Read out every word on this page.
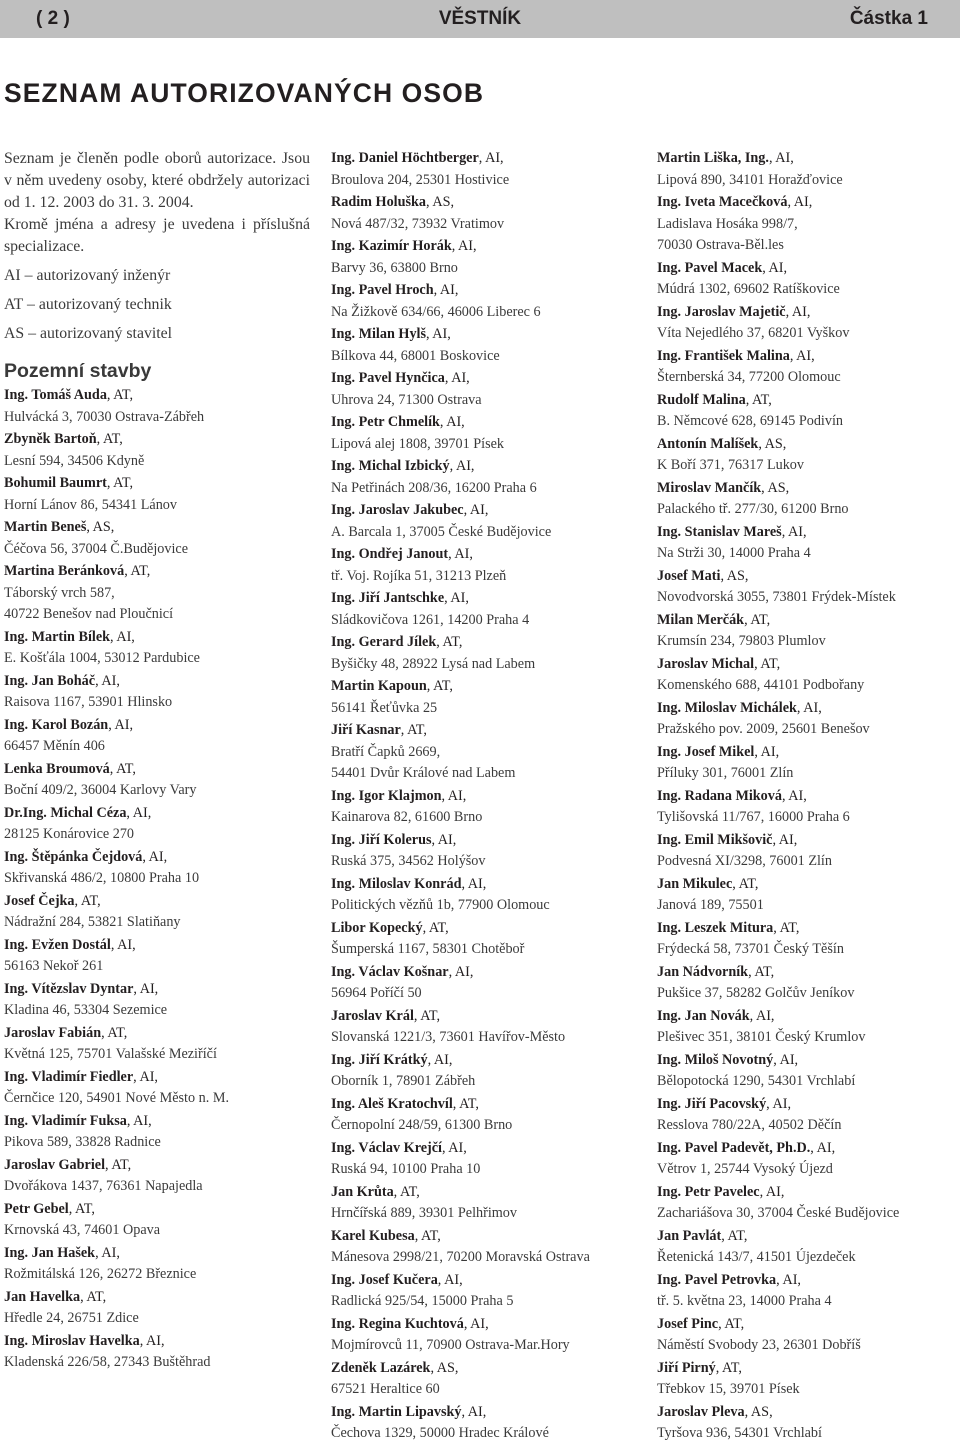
( 2 )	VĚSTNÍK	Částka 1
SEZNAM AUTORIZOVANÝCH OSOB
Seznam je členěn podle oborů autorizace. Jsou v něm uvedeny osoby, které obdržely autorizaci od 1. 12. 2003 do 31. 3. 2004.
Kromě jména a adresy je uvedena i příslušná specializace.
AI – autorizovaný inženýr
AT – autorizovaný technik
AS – autorizovaný stavitel
Pozemní stavby
Ing. Tomáš Auda, AT,
Hulvácká 3, 70030 Ostrava-Zábřeh
Zbyněk Bartoň, AT,
Lesní 594, 34506 Kdyně
Bohumil Baumrt, AT,
Horní Lánov 86, 54341 Lánov
Martin Beneš, AS,
Čéčova 56, 37004 Č.Budějovice
Martina Beránková, AT,
Táborský vrch 587,
40722 Benešov nad Ploučnicí
Ing. Martin Bílek, AI,
E. Košťála 1004, 53012 Pardubice
Ing. Jan Boháč, AI,
Raisova 1167, 53901 Hlinsko
Ing. Karol Bozán, AI,
66457 Měnín 406
Lenka Broumová, AT,
Boční 409/2, 36004 Karlovy Vary
Dr.Ing. Michal Céza, AI,
28125 Konárovice 270
Ing. Štěpánka Čejdová, AI,
Skřivanská 486/2, 10800 Praha 10
Josef Čejka, AT,
Nádražní 284, 53821 Slatiňany
Ing. Evžen Dostál, AI,
56163 Nekoř 261
Ing. Vítězslav Dyntar, AI,
Kladina 46, 53304 Sezemice
Jaroslav Fabián, AT,
Květná 125, 75701 Valašské Meziříčí
Ing. Vladimír Fiedler, AI,
Černčice 120, 54901 Nové Město n. M.
Ing. Vladimír Fuksa, AI,
Pikova 589, 33828 Radnice
Jaroslav Gabriel, AT,
Dvořákova 1437, 76361 Napajedla
Petr Gebel, AT,
Krnovská 43, 74601 Opava
Ing. Jan Hašek, AI,
Rožmitálská 126, 26272 Březnice
Jan Havelka, AT,
Hředle 24, 26751 Zdice
Ing. Miroslav Havelka, AI,
Kladenská 226/58, 27343 Buštěhrad
Ing. Daniel Höchtberger, AI,
Broulova 204, 25301 Hostivice
Radim Holuška, AS,
Nová 487/32, 73932 Vratimov
Ing. Kazimír Horák, AI,
Barvy 36, 63800 Brno
Ing. Pavel Hroch, AI,
Na Žižkově 634/66, 46006 Liberec 6
Ing. Milan Hylš, AI,
Bílkova 44, 68001 Boskovice
Ing. Pavel Hynčica, AI,
Uhrova 24, 71300 Ostrava
Ing. Petr Chmelík, AI,
Lipová alej 1808, 39701 Písek
Ing. Michal Izbický, AI,
Na Petřinách 208/36, 16200 Praha 6
Ing. Jaroslav Jakubec, AI,
A. Barcala 1, 37005 České Budějovice
Ing. Ondřej Janout, AI,
tř. Voj. Rojíka 51, 31213 Plzeň
Ing. Jiří Jantschke, AI,
Sládkovičova 1261, 14200 Praha 4
Ing. Gerard Jílek, AT,
Byšičky 48, 28922 Lysá nad Labem
Martin Kapoun, AT,
56141 Řeťůvka 25
Jiří Kasnar, AT,
Bratří Čapků 2669,
54401 Dvůr Králové nad Labem
Ing. Igor Klajmon, AI,
Kainarova 82, 61600 Brno
Ing. Jiří Kolerus, AI,
Ruská 375, 34562 Holýšov
Ing. Miloslav Konrád, AI,
Politických vězňů 1b, 77900 Olomouc
Libor Kopecký, AT,
Šumperská 1167, 58301 Chotěboř
Ing. Václav Košnar, AI,
56964 Poříčí 50
Jaroslav Král, AT,
Slovanská 1221/3, 73601 Havířov-Město
Ing. Jiří Krátký, AI,
Oborník 1, 78901 Zábřeh
Ing. Aleš Kratochvíl, AT,
Černopolní 248/59, 61300 Brno
Ing. Václav Krejčí, AI,
Ruská 94, 10100 Praha 10
Jan Krůta, AT,
Hrnčířská 889, 39301 Pelhřimov
Karel Kubesa, AT,
Mánesova 2998/21, 70200 Moravská Ostrava
Ing. Josef Kučera, AI,
Radlická 925/54, 15000 Praha 5
Ing. Regina Kuchtová, AI,
Mojmírovců 11, 70900 Ostrava-Mar.Hory
Zdeněk Lazárek, AS,
67521 Heraltice 60
Ing. Martin Lipavský, AI,
Čechova 1329, 50000 Hradec Králové
Martin Liška, Ing., AI,
Lipová 890, 34101 Horažďovice
Ing. Iveta Macečková, AI,
Ladislava Hosáka 998/7,
70030 Ostrava-Běl.les
Ing. Pavel Macek, AI,
Múdrá 1302, 69602 Ratíškovice
Ing. Jaroslav Majetič, AI,
Víta Nejedlého 37, 68201 Vyškov
Ing. František Malina, AI,
Šternberská 34, 77200 Olomouc
Rudolf Malina, AT,
B. Němcové 628, 69145 Podivín
Antonín Malíšek, AS,
K Boří 371, 76317 Lukov
Miroslav Mančík, AS,
Palackého tř. 277/30, 61200 Brno
Ing. Stanislav Mareš, AI,
Na Strži 30, 14000 Praha 4
Josef Mati, AS,
Novodvorská 3055, 73801 Frýdek-Místek
Milan Merčák, AT,
Krumsín 234, 79803 Plumlov
Jaroslav Michal, AT,
Komenského 688, 44101 Podbořany
Ing. Miloslav Michálek, AI,
Pražského pov. 2009, 25601 Benešov
Ing. Josef Mikel, AI,
Příluky 301, 76001 Zlín
Ing. Radana Miková, AI,
Tylišovská 11/767, 16000 Praha 6
Ing. Emil Mikšovič, AI,
Podvesná XI/3298, 76001 Zlín
Jan Mikulec, AT,
Janová 189, 75501
Ing. Leszek Mitura, AT,
Frýdecká 58, 73701 Český Těšín
Jan Nádvorník, AT,
Pukšice 37, 58282 Golčův Jeníkov
Ing. Jan Novák, AI,
Plešivec 351, 38101 Český Krumlov
Ing. Miloš Novotný, AI,
Bělopotocká 1290, 54301 Vrchlabí
Ing. Jiří Pacovský, AI,
Resslova 780/22A, 40502 Děčín
Ing. Pavel Padevět, Ph.D., AI,
Větrov 1, 25744 Vysoký Újezd
Ing. Petr Pavelec, AI,
Zachariášova 30, 37004 České Budějovice
Jan Pavlát, AT,
Řetenická 143/7, 41501 Újezdeček
Ing. Pavel Petrovka, AI,
tř. 5. května 23, 14000 Praha 4
Josef Pinc, AT,
Náměstí Svobody 23, 26301 Dobříš
Jiří Pirný, AT,
Třebkov 15, 39701 Písek
Jaroslav Pleva, AS,
Tyršova 936, 54301 Vrchlabí
